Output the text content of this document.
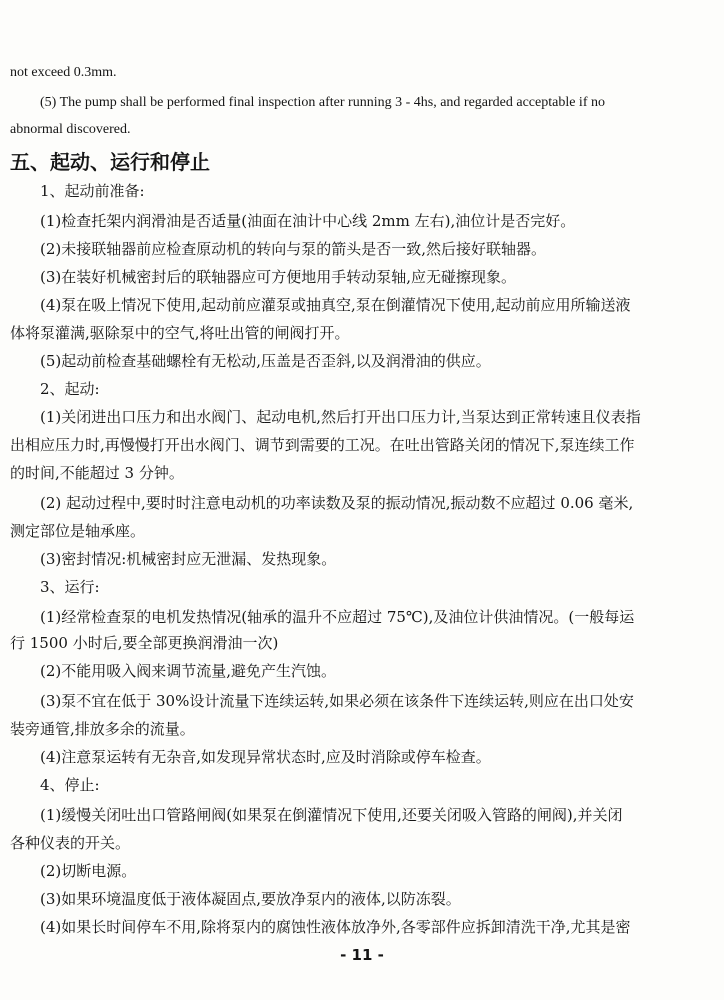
not exceed 0.3mm.
(5) The pump shall be performed final inspection after running 3 - 4hs, and regarded acceptable if no
abnormal discovered.
五、起动、运行和停止
1、起动前准备:
(1)检查托架内润滑油是否适量(油面在油计中心线 2mm 左右),油位计是否完好。
(2)未接联轴器前应检查原动机的转向与泵的箭头是否一致,然后接好联轴器。
(3)在装好机械密封后的联轴器应可方便地用手转动泵轴,应无碰擦现象。
(4)泵在吸上情况下使用,起动前应灌泵或抽真空,泵在倒灌情况下使用,起动前应用所输送液
体将泵灌满,驱除泵中的空气,将吐出管的闸阀打开。
(5)起动前检查基础螺栓有无松动,压盖是否歪斜,以及润滑油的供应。
2、起动:
(1)关闭进出口压力和出水阀门、起动电机,然后打开出口压力计,当泵达到正常转速且仪表指
出相应压力时,再慢慢打开出水阀门、调节到需要的工况。在吐出管路关闭的情况下,泵连续工作
的时间,不能超过 3 分钟。
(2) 起动过程中,要时时注意电动机的功率读数及泵的振动情况,振动数不应超过 0.06 毫米,
测定部位是轴承座。
(3)密封情况:机械密封应无泄漏、发热现象。
3、运行:
(1)经常检查泵的电机发热情况(轴承的温升不应超过 75℃),及油位计供油情况。(一般每运
行 1500 小时后,要全部更换润滑油一次)
(2)不能用吸入阀来调节流量,避免产生汽蚀。
(3)泵不宜在低于 30%设计流量下连续运转,如果必须在该条件下连续运转,则应在出口处安
装旁通管,排放多余的流量。
(4)注意泵运转有无杂音,如发现异常状态时,应及时消除或停车检查。
4、停止:
(1)缓慢关闭吐出口管路闸阀(如果泵在倒灌情况下使用,还要关闭吸入管路的闸阀),并关闭
各种仪表的开关。
(2)切断电源。
(3)如果环境温度低于液体凝固点,要放净泵内的液体,以防冻裂。
(4)如果长时间停车不用,除将泵内的腐蚀性液体放净外,各零部件应拆卸清洗干净,尤其是密
- 11 -
